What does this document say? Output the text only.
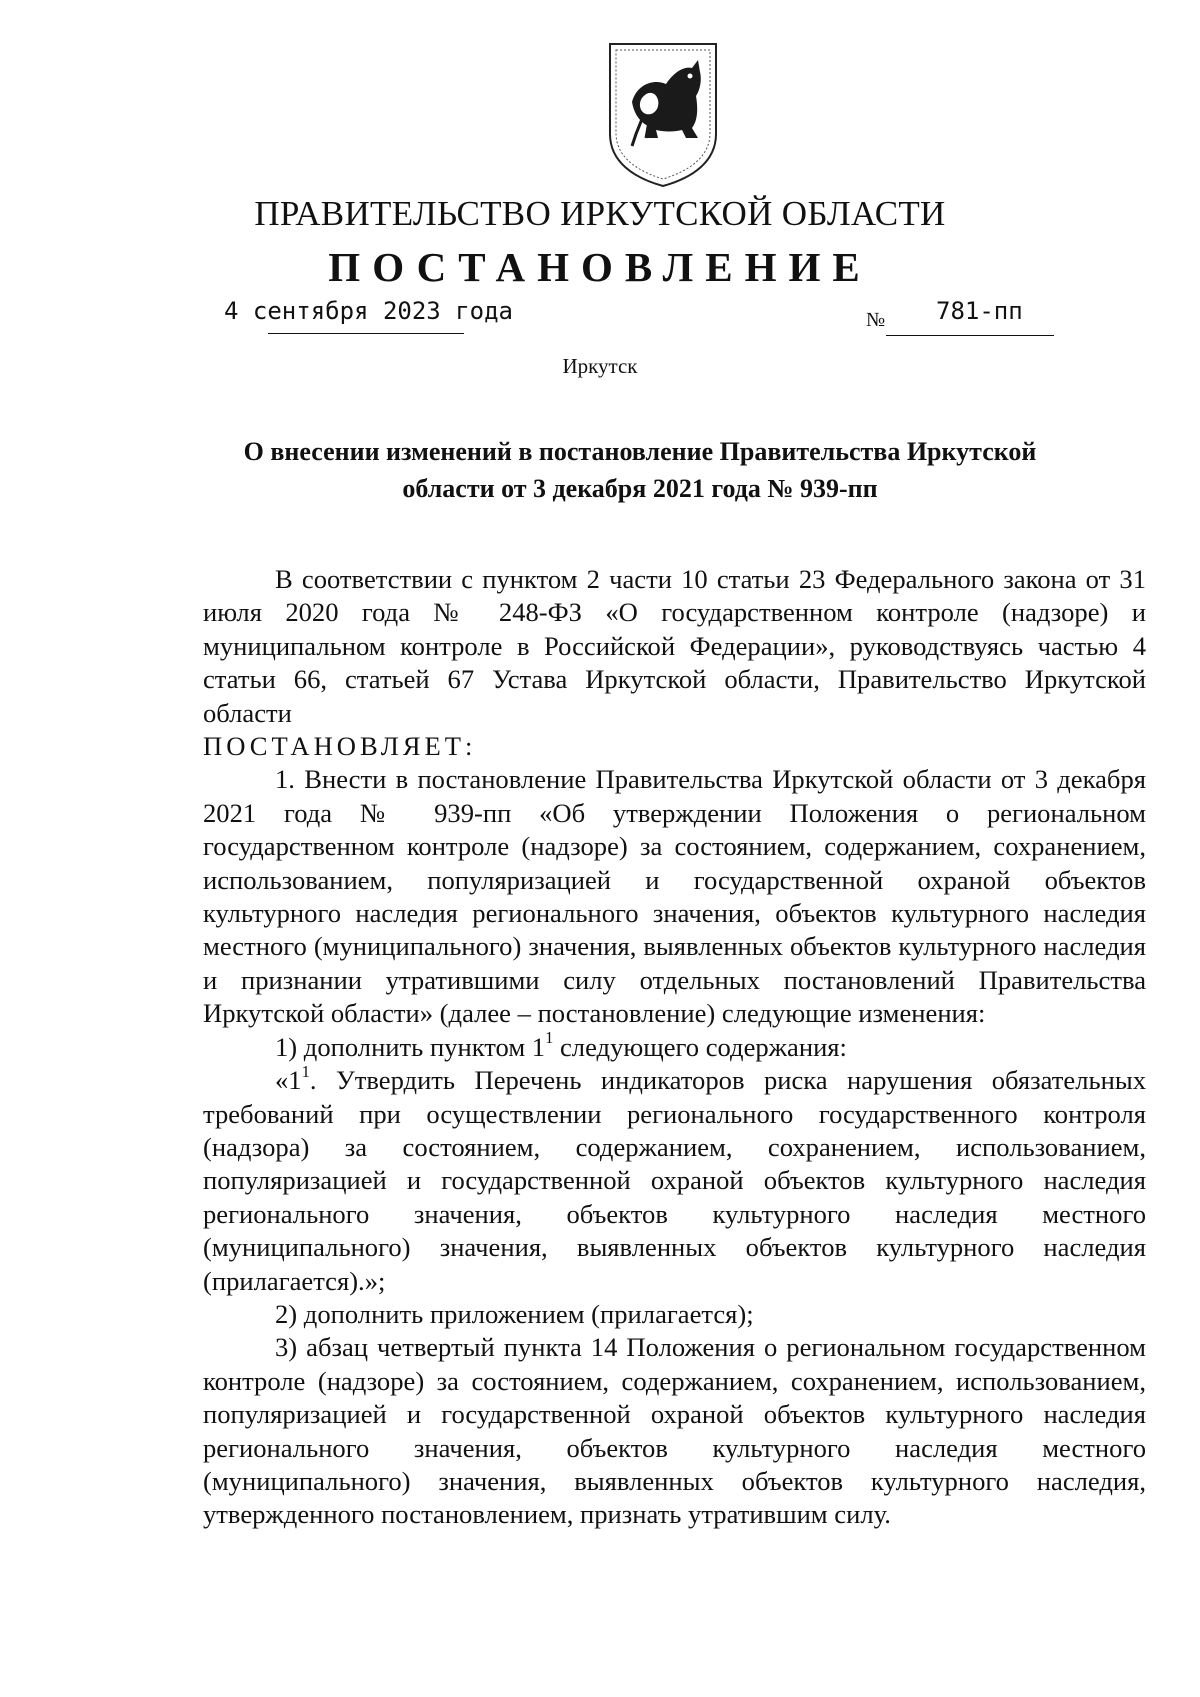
ПРАВИТЕЛЬСТВО ИРКУТСКОЙ ОБЛАСТИ
ПОСТАНОВЛЕНИЕ
4 сентября 2023 года	№ 781-пп
Иркутск
О внесении изменений в постановление Правительства Иркутской
области от 3 декабря 2021 года № 939-пп

В соответствии с пунктом 2 части 10 статьи 23 Федерального закона от 31 июля 2020 года № 248-ФЗ «О государственном контроле (надзоре) и муниципальном контроле в Российской Федерации», руководствуясь частью 4 статьи 66, статьей 67 Устава Иркутской области, Правительство Иркутской области

ПОСТАНОВЛЯЕТ:

1. Внести в постановление Правительства Иркутской области от 3 декабря 2021 года № 939-пп «Об утверждении Положения о региональном государственном контроле (надзоре) за состоянием, содержанием, сохранением, использованием, популяризацией и государственной охраной объектов культурного наследия регионального значения, объектов культурного наследия местного (муниципального) значения, выявленных объектов культурного наследия и признании утратившими силу отдельных постановлений Правительства Иркутской области» (далее – постановление) следующие изменения:

1) дополнить пунктом $1^1$ следующего содержания:

«$1^1$. Утвердить Перечень индикаторов риска нарушения обязательных требований при осуществлении регионального государственного контроля (надзора) за состоянием, содержанием, сохранением, использованием, популяризацией и государственной охраной объектов культурного наследия регионального значения, объектов культурного наследия местного (муниципального) значения, выявленных объектов культурного наследия (прилагается).»;

2) дополнить приложением (прилагается);

3) абзац четвертый пункта 14 Положения о региональном государственном контроле (надзоре) за состоянием, содержанием, сохранением, использованием, популяризацией и государственной охраной объектов культурного наследия регионального значения, объектов культурного наследия местного (муниципального) значения, выявленных объектов культурного наследия, утвержденного постановлением, признать утратившим силу.
